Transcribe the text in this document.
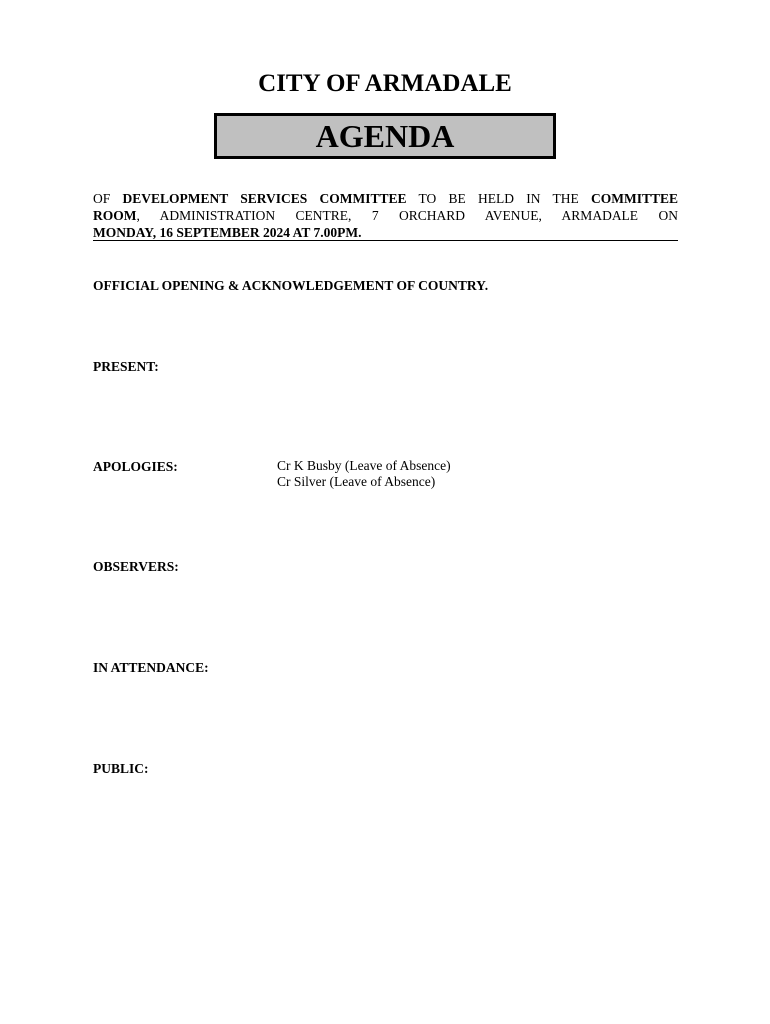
CITY OF ARMADALE
AGENDA
OF DEVELOPMENT SERVICES COMMITTEE TO BE HELD IN THE COMMITTEE
ROOM, ADMINISTRATION CENTRE, 7 ORCHARD AVENUE, ARMADALE ON
MONDAY, 16 SEPTEMBER 2024 AT 7.00PM.
OFFICIAL OPENING & ACKNOWLEDGEMENT OF COUNTRY.
PRESENT:
APOLOGIES:	Cr K Busby (Leave of Absence)
Cr Silver (Leave of Absence)
OBSERVERS:
IN ATTENDANCE:
PUBLIC:
